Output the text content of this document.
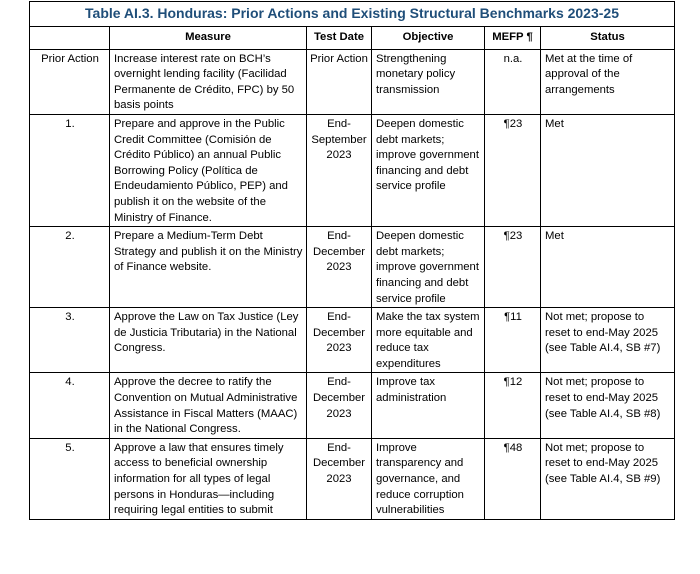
Table AI.3. Honduras: Prior Actions and Existing Structural Benchmarks 2023-25					
	Measure	Test Date	Objective	MEFP ¶	Status
Prior Action	Increase interest rate on BCH’s overnight lending facility (Facilidad Permanente de Crédito, FPC) by 50 basis points	Prior Action	Strengthening monetary policy transmission	n.a.	Met at the time of approval of the arrangements
1.	Prepare and approve in the Public Credit Committee (Comisión de Crédito Público) an annual Public Borrowing Policy (Política de Endeudamiento Público, PEP) and publish it on the website of the Ministry of Finance.	End-September 2023	Deepen domestic debt markets; improve government financing and debt service profile	¶23	Met
2.	Prepare a Medium-Term Debt Strategy and publish it on the Ministry of Finance website.	End-December 2023	Deepen domestic debt markets; improve government financing and debt service profile	¶23	Met
3.	Approve the Law on Tax Justice (Ley de Justicia Tributaria) in the National Congress.	End-December 2023	Make the tax system more equitable and reduce tax expenditures	¶11	Not met; propose to reset to end-May 2025 (see Table AI.4, SB #7)
4.	Approve the decree to ratify the Convention on Mutual Administrative Assistance in Fiscal Matters (MAAC) in the National Congress.	End-December 2023	Improve tax administration	¶12	Not met; propose to reset to end-May 2025 (see Table AI.4, SB #8)
5.	Approve a law that ensures timely access to beneficial ownership information for all types of legal persons in Honduras—including requiring legal entities to submit	End-December 2023	Improve transparency and governance, and reduce corruption vulnerabilities	¶48	Not met; propose to reset to end-May 2025 (see Table AI.4, SB #9)
